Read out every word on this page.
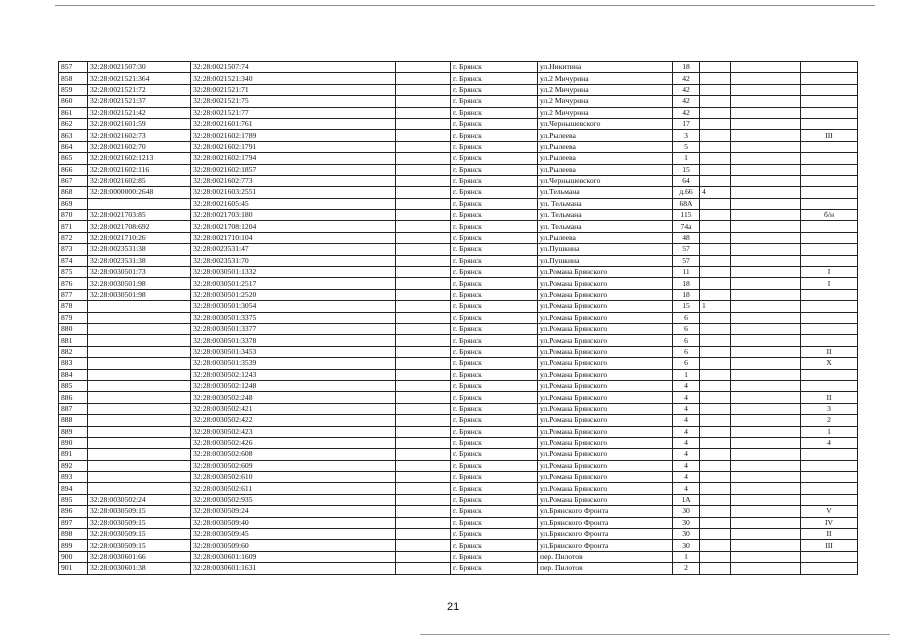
857	32:28:0021507:30	32:28:0021507:74		г. Брянск	ул.Никитина	18			
858	32:28:0021521:364	32:28:0021521:340		г. Брянск	ул.2 Мичурина	42			
859	32:28:0021521:72	32:28:0021521:71		г. Брянск	ул.2 Мичурина	42			
860	32:28:0021521:37	32:28:0021521:75		г. Брянск	ул.2 Мичурина	42			
861	32:28:0021521:42	32:28:0021521:77		г. Брянск	ул.2 Мичурина	42			
862	32:28:0021601:59	32:28:0021601:761		г. Брянск	ул.Чернышевского	17			
863	32:28:0021602:73	32:28:0021602:1789		г. Брянск	ул.Рылеева	3			III
864	32:28:0021602:70	32:28:0021602:1791		г. Брянск	ул.Рылеева	5			
865	32:28:0021602:1213	32:28:0021602:1794		г. Брянск	ул.Рылеева	1			
866	32:28:0021602:116	32:28:0021602:1857		г. Брянск	ул.Рылеева	15			
867	32:28:0021602:85	32:28:0021602:773		г. Брянск	ул.Чернышевского	64			
868	32:28:0000000:2648	32:28:0021603:2551		г. Брянск	ул.Тельмана	д.66	4		
869		32:28:0021605:45		г. Брянск	ул. Тельмана	68А			
870	32:28:0021703:85	32:28:0021703:180		г. Брянск	ул. Тельмана	115			б/н
871	32:28:0021708:692	32:28:0021708:1204		г. Брянск	ул. Тельмана	74а			
872	32:28:0021710:26	32:28:0021710:104		г. Брянск	ул.Рылеева	48			
873	32:28:0023531:38	32:28:0023531:47		г. Брянск	ул.Пушкина	57			
874	32:28:0023531:38	32:28:0023531:70		г. Брянск	ул.Пушкина	57			
875	32:28:0030501:73	32:28:0030501:1332		г. Брянск	ул.Романа Брянского	11			I
876	32:28:0030501:98	32:28:0030501:2517		г. Брянск	ул.Романа Брянского	18			I
877	32:28:0030501:98	32:28:0030501:2520		г. Брянск	ул.Романа Брянского	18			
878		32:28:0030501:3054		г. Брянск	ул.Романа Брянского	15	1		
879		32:28:0030501:3375		г. Брянск	ул.Романа Брянского	6			
880		32:28:0030501:3377		г. Брянск	ул.Романа Брянского	6			
881		32:28:0030501:3378		г. Брянск	ул.Романа Брянского	6			
882		32:28:0030501:3453		г. Брянск	ул.Романа Брянского	6			II
883		32:28:0030501:3539		г. Брянск	ул.Романа Брянского	6			X
884		32:28:0030502:1243		г. Брянск	ул.Романа Брянского	1			
885		32:28:0030502:1248		г. Брянск	ул.Романа Брянского	4			
886		32:28:0030502:248		г. Брянск	ул.Романа Брянского	4			II
887		32:28:0030502:421		г. Брянск	ул.Романа Брянского	4			3
888		32:28:0030502:422		г. Брянск	ул.Романа Брянского	4			2
889		32:28:0030502:423		г. Брянск	ул.Романа Брянского	4			1
890		32:28:0030502:426		г. Брянск	ул.Романа Брянского	4			4
891		32:28:0030502:608		г. Брянск	ул.Романа Брянского	4			
892		32:28:0030502:609		г. Брянск	ул.Романа Брянского	4			
893		32:28:0030502:610		г. Брянск	ул.Романа Брянского	4			
894		32:28:0030502:611		г. Брянск	ул.Романа Брянского	4			
895	32:28:0030502:24	32:28:0030502:935		г. Брянск	ул.Романа Брянского	1А			
896	32:28:0030509:15	32:28:0030509:24		г. Брянск	ул.Брянского Фронта	30			V
897	32:28:0030509:15	32:28:0030509:40		г. Брянск	ул.Брянского Фронта	30			IV
898	32:28:0030509:15	32:28:0030509:45		г. Брянск	ул.Брянского Фронта	30			II
899	32:28:0030509:15	32:28:0030509:60		г. Брянск	ул.Брянского Фронта	30			III
900	32:28:0030601:66	32:28:0030601:1609		г. Брянск	пер. Пилотов	1			
901	32:28:0030601:38	32:28:0030601:1631		г. Брянск	пер. Пилотов	2			
21
